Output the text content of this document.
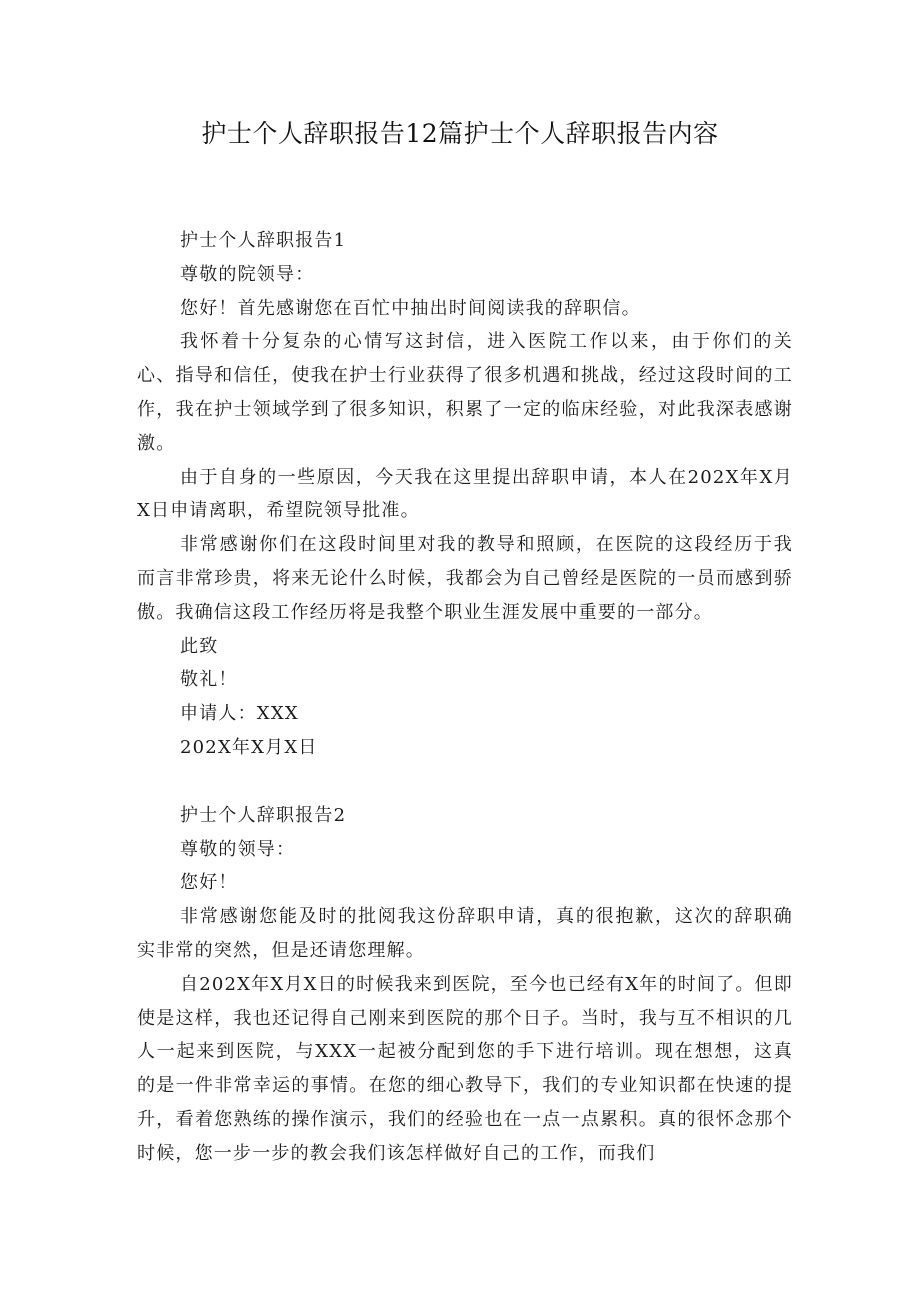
护士个人辞职报告12篇护士个人辞职报告内容

护士个人辞职报告1

尊敬的院领导：

您好！首先感谢您在百忙中抽出时间阅读我的辞职信。

我怀着十分复杂的心情写这封信，进入医院工作以来，由于你们的关心、指导和信任，使我在护士行业获得了很多机遇和挑战，经过这段时间的工作，我在护士领域学到了很多知识，积累了一定的临床经验，对此我深表感谢激。

由于自身的一些原因，今天我在这里提出辞职申请，本人在202X年X月X日申请离职，希望院领导批准。

非常感谢你们在这段时间里对我的教导和照顾，在医院的这段经历于我而言非常珍贵，将来无论什么时候，我都会为自己曾经是医院的一员而感到骄傲。我确信这段工作经历将是我整个职业生涯发展中重要的一部分。

此致

敬礼！

申请人：XXX

202X年X月X日

护士个人辞职报告2

尊敬的领导：

您好！

非常感谢您能及时的批阅我这份辞职申请，真的很抱歉，这次的辞职确实非常的突然，但是还请您理解。

自202X年X月X日的时候我来到医院，至今也已经有X年的时间了。但即使是这样，我也还记得自己刚来到医院的那个日子。当时，我与互不相识的几人一起来到医院，与XXX一起被分配到您的手下进行培训。现在想想，这真的是一件非常幸运的事情。在您的细心教导下，我们的专业知识都在快速的提升，看着您熟练的操作演示，我们的经验也在一点一点累积。真的很怀念那个时候，您一步一步的教会我们该怎样做好自己的工作，而我们
